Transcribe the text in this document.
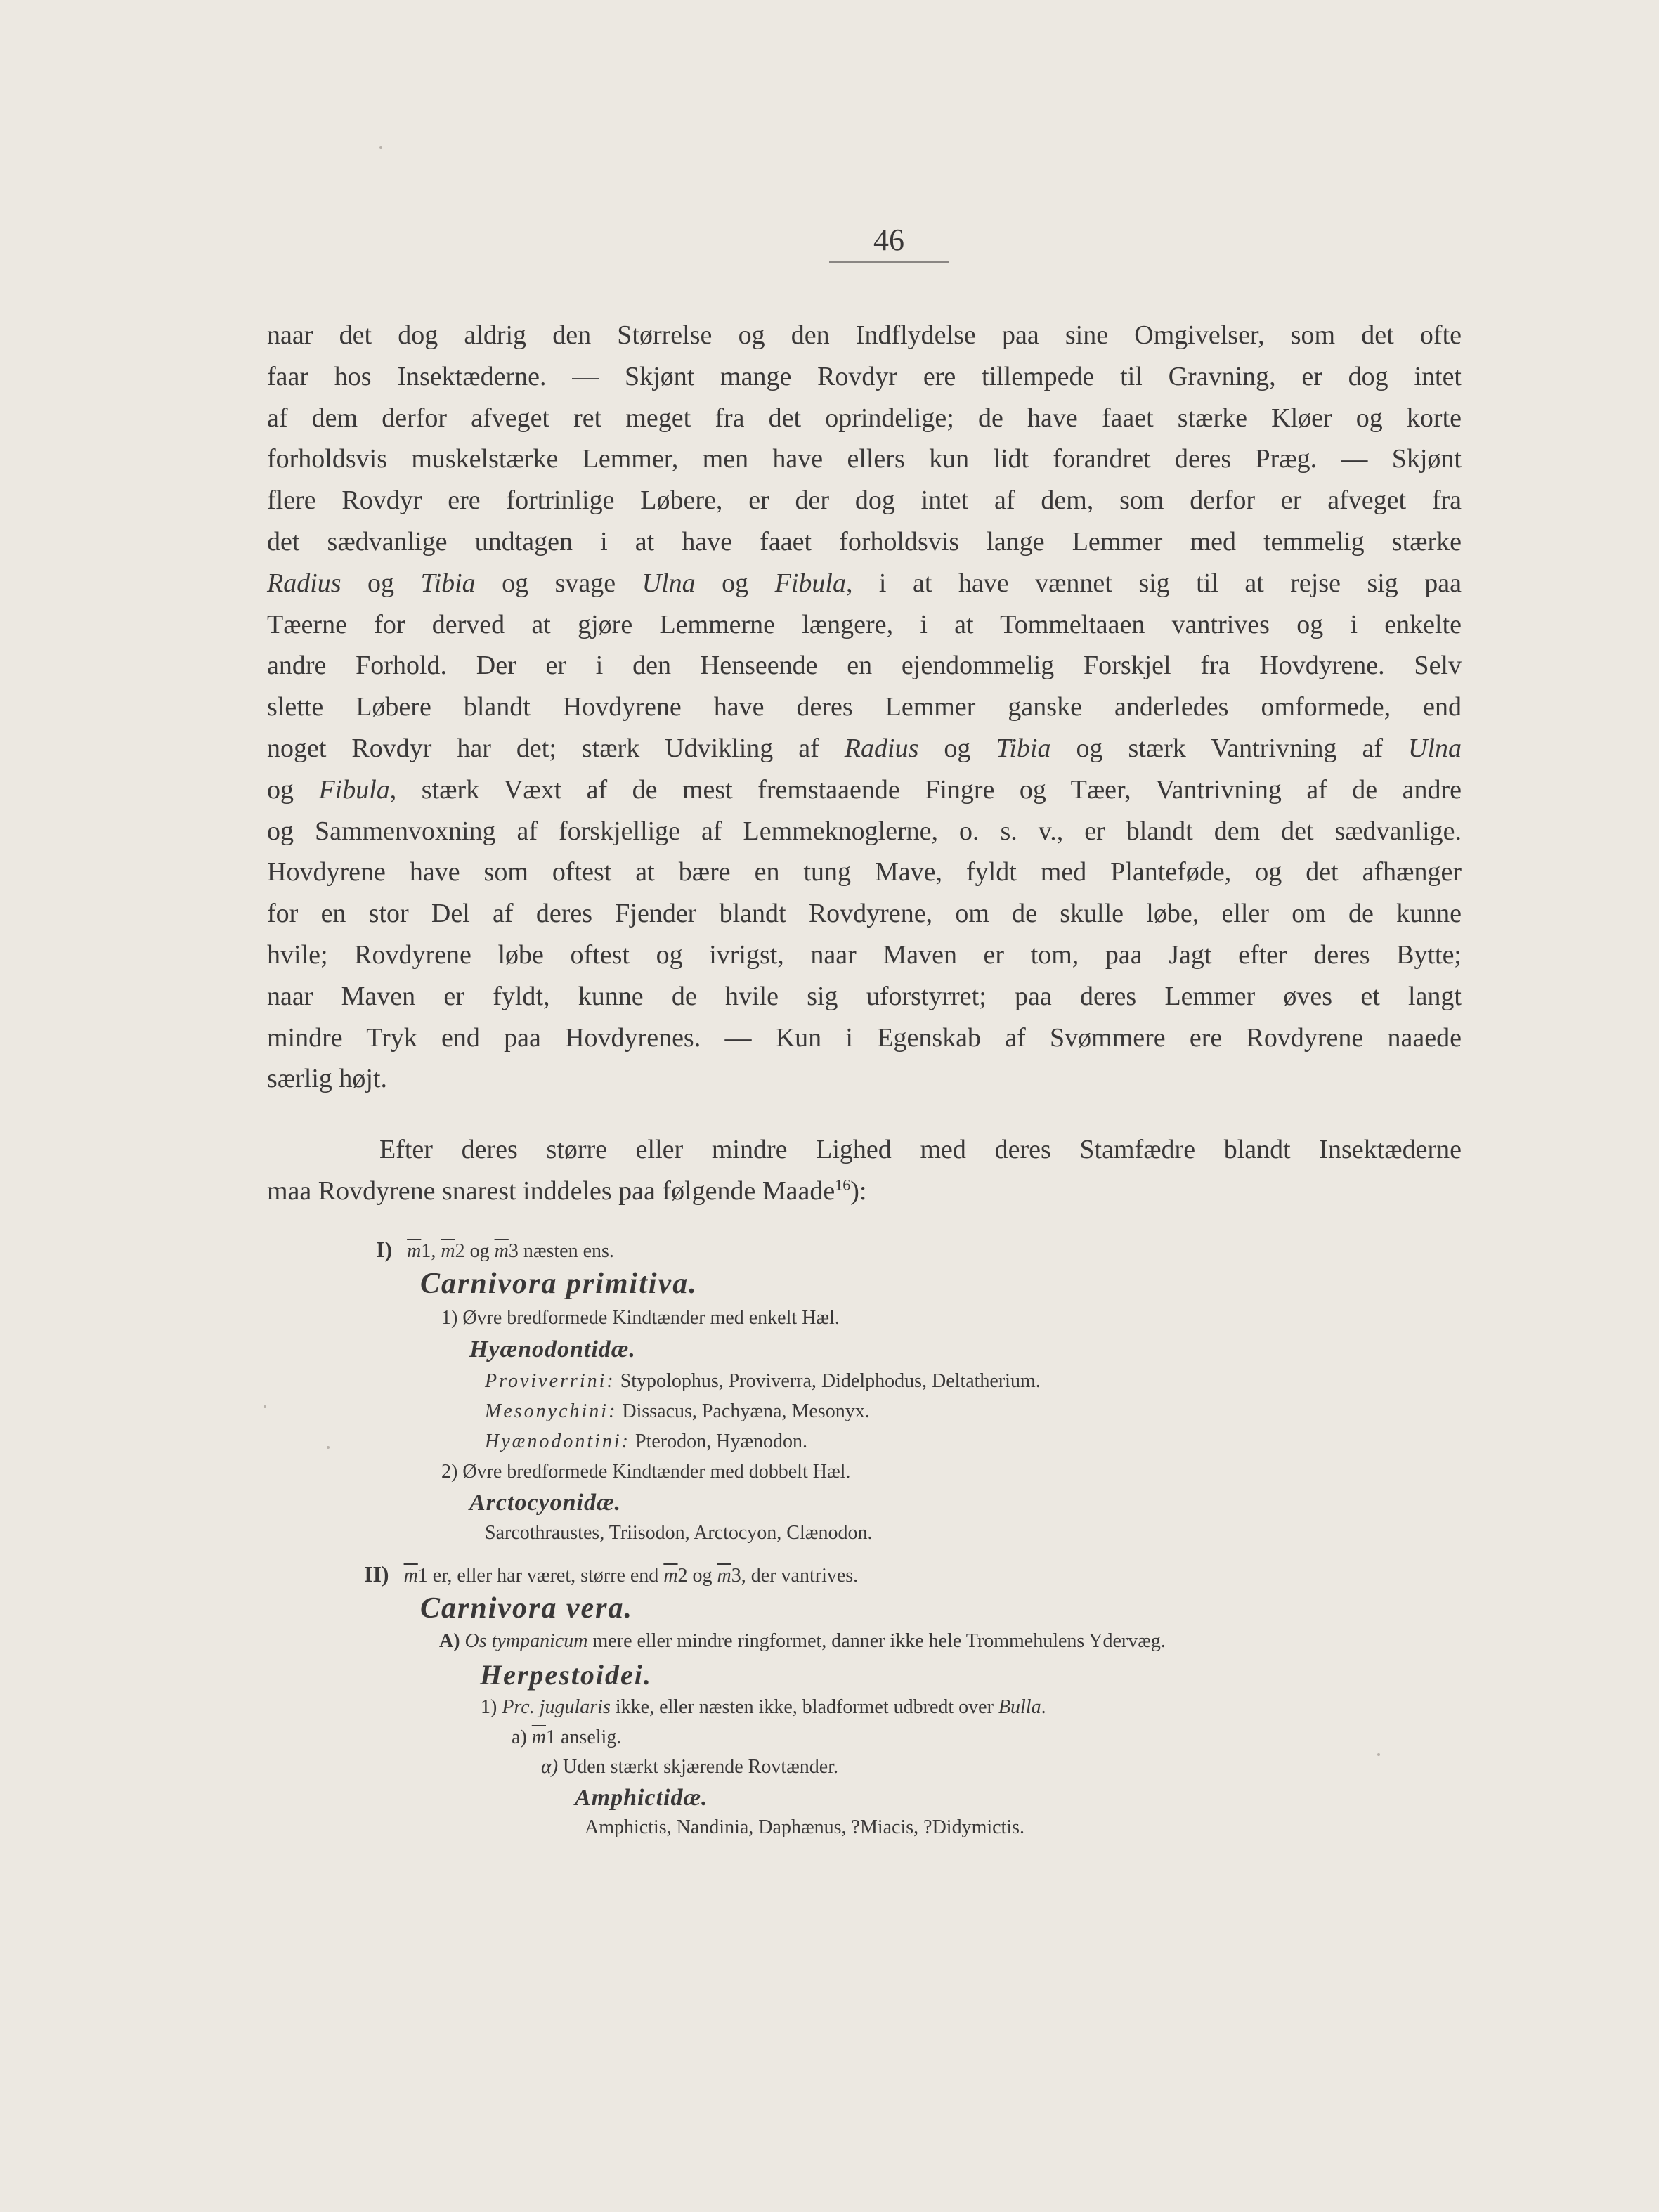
46
naar det dog aldrig den Størrelse og den Indflydelse paa sine Omgivelser, som det ofte
faar hos Insektæderne. — Skjønt mange Rovdyr ere tillempede til Gravning, er dog intet
af dem derfor afveget ret meget fra det oprindelige; de have faaet stærke Kløer og korte
forholdsvis muskelstærke Lemmer, men have ellers kun lidt forandret deres Præg. — Skjønt
flere Rovdyr ere fortrinlige Løbere, er der dog intet af dem, som derfor er afveget fra
det sædvanlige undtagen i at have faaet forholdsvis lange Lemmer med temmelig stærke
Radius og Tibia og svage Ulna og Fibula, i at have vænnet sig til at rejse sig paa
Tæerne for derved at gjøre Lemmerne længere, i at Tommeltaaen vantrives og i enkelte
andre Forhold. Der er i den Henseende en ejendommelig Forskjel fra Hovdyrene. Selv
slette Løbere blandt Hovdyrene have deres Lemmer ganske anderledes omformede, end
noget Rovdyr har det; stærk Udvikling af Radius og Tibia og stærk Vantrivning af Ulna
og Fibula, stærk Væxt af de mest fremstaaende Fingre og Tæer, Vantrivning af de andre
og Sammenvoxning af forskjellige af Lemmeknoglerne, o. s. v., er blandt dem det sædvanlige.
Hovdyrene have som oftest at bære en tung Mave, fyldt med Planteføde, og det afhænger
for en stor Del af deres Fjender blandt Rovdyrene, om de skulle løbe, eller om de kunne
hvile; Rovdyrene løbe oftest og ivrigst, naar Maven er tom, paa Jagt efter deres Bytte;
naar Maven er fyldt, kunne de hvile sig uforstyrret; paa deres Lemmer øves et langt
mindre Tryk end paa Hovdyrenes. — Kun i Egenskab af Svømmere ere Rovdyrene naaede
særlig højt.
Efter deres større eller mindre Lighed med deres Stamfædre blandt Insektæderne
maa Rovdyrene snarest inddeles paa følgende Maade$^{16}$):
I) $\overline{m}1$, $\overline{m}2$ og $\overline{m}3$ næsten ens.
Carnivora primitiva.
1) Øvre bredformede Kindtænder med enkelt Hæl.
Hyænodontidæ.
Proviverrini: Stypolophus, Proviverra, Didelphodus, Deltatherium.
Mesonychini: Dissacus, Pachyæna, Mesonyx.
Hyænodontini: Pterodon, Hyænodon.
2) Øvre bredformede Kindtænder med dobbelt Hæl.
Arctocyonidæ.
Sarcothraustes, Triisodon, Arctocyon, Clænodon.
II) $\overline{m}1$ er, eller har været, større end $\overline{m}2$ og $\overline{m}3$, der vantrives.
Carnivora vera.
A) Os tympanicum mere eller mindre ringformet, danner ikke hele Trommehulens Ydervæg.
Herpestoidei.
1) Prc. jugularis ikke, eller næsten ikke, bladformet udbredt over Bulla.
a) $\overline{m}1$ anselig.
α) Uden stærkt skjærende Rovtænder.
Amphictidæ.
Amphictis, Nandinia, Daphænus, ?Miacis, ?Didymictis.
